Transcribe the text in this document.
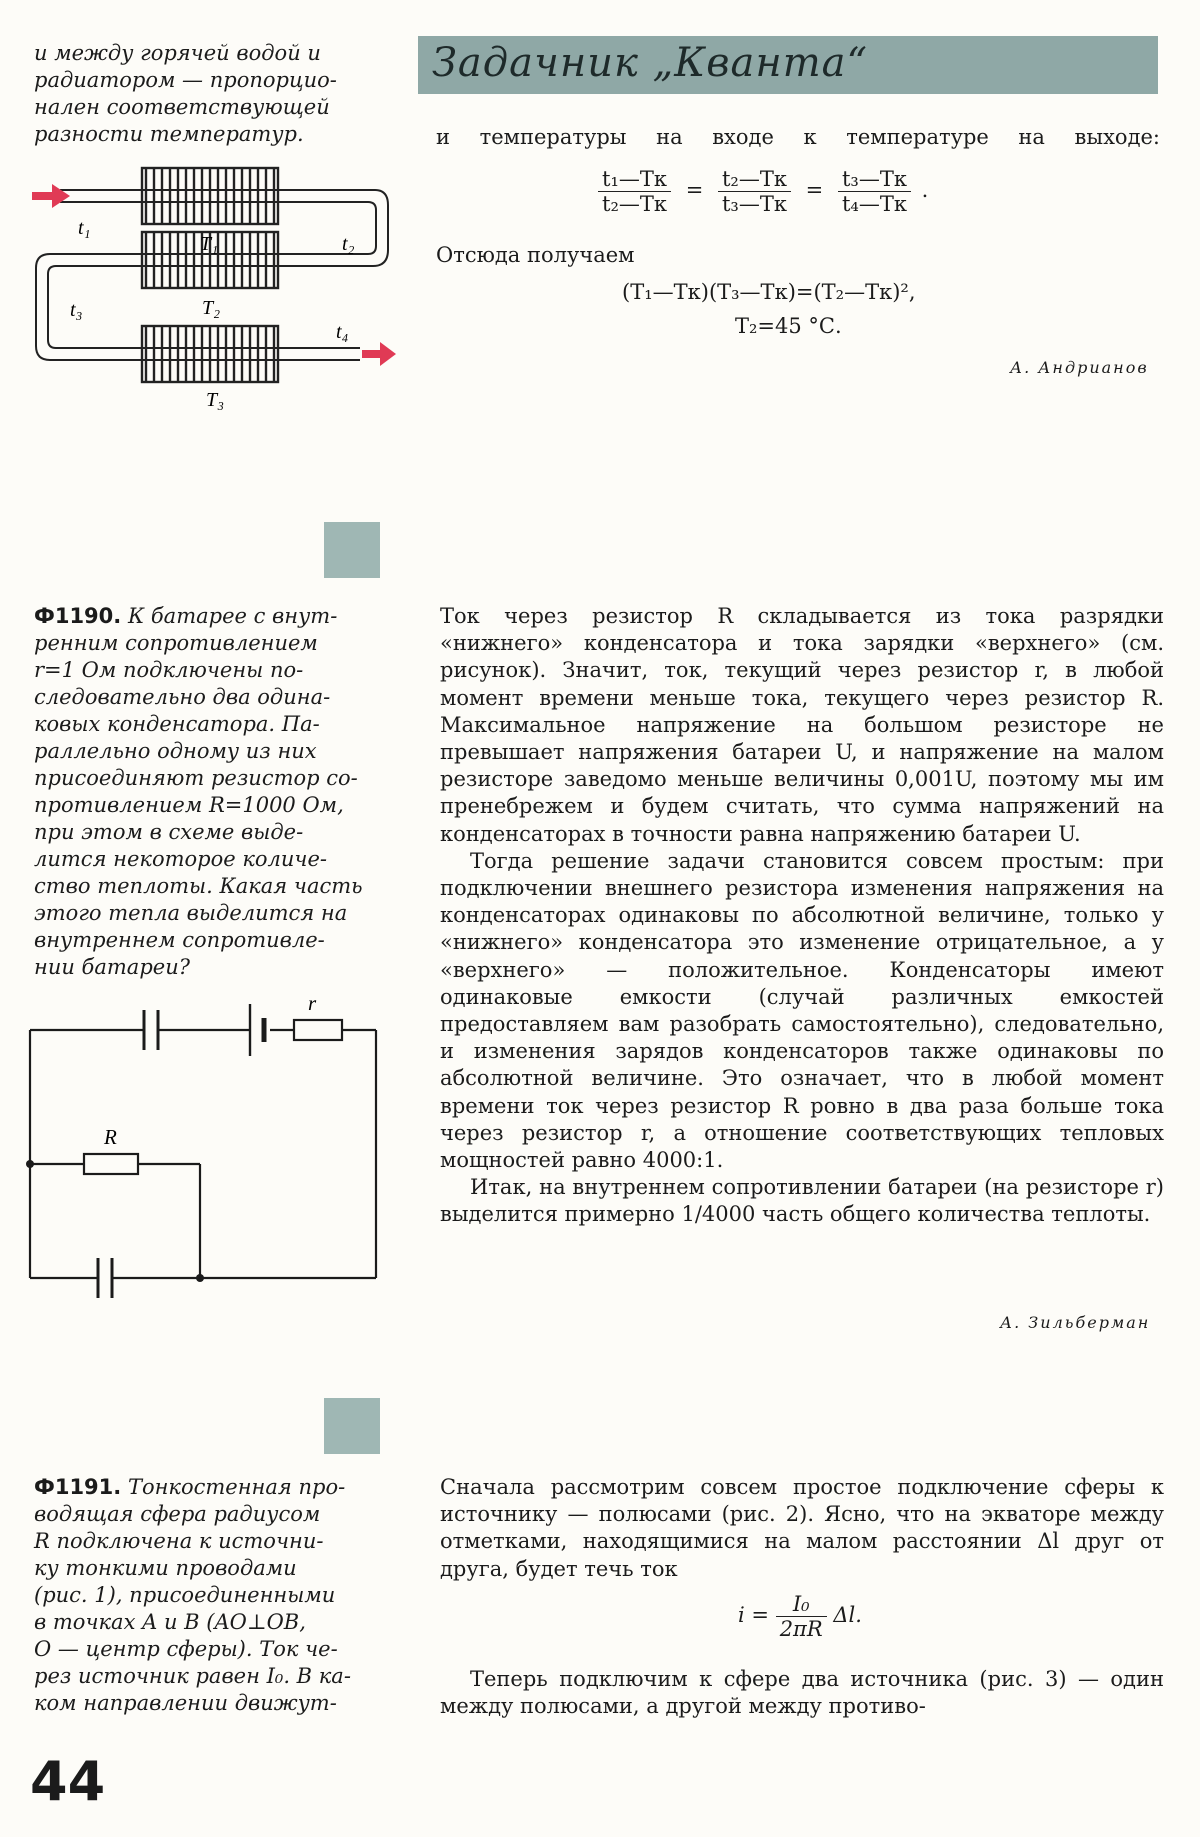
Задачник „Кванта“
и между горячей водой и
радиатором — пропорцио-
нален соответствующей
разности температур.
t₁
T₁	t₂
t₃	T₂
t₄
T₃
и температуры на входе к температуре на выходе:
$\frac{\text{t₁—Tк}}{\text{t₂—Tк}} = \frac{\text{t₂—Tк}}{\text{t₃—Tк}} = \frac{\text{t₃—Tк}}{\text{t₄—Tк}}$ .
Отсюда получаем
(T₁—Tк)(T₃—Tк)=(T₂—Tк)²,
T₂=45 °С.
А. Андрианов
Ф1190. К батарее с внут-
ренним сопротивлением
r=1 Ом подключены по-
следовательно два одина-
ковых конденсатора. Па-
раллельно одному из них
присоединяют резистор со-
противлением R=1000 Ом,
при этом в схеме выде-
лится некоторое количе-
ство теплоты. Какая часть
этого тепла выделится на
внутреннем сопротивле-
нии батареи?
r
R

Ток через резистор R складывается из тока разрядки «нижнего» конденсатора и тока зарядки «верхнего» (см. рисунок). Значит, ток, текущий через резистор r, в любой момент времени меньше тока, текущего через резистор R. Максимальное напряжение на большом резисторе не превышает напряжения батареи U, и напряжение на малом резисторе заведомо меньше величины 0,001U, поэтому мы им пренебрежем и будем считать, что сумма напряжений на конденсаторах в точности равна напряжению батареи U.

Тогда решение задачи становится совсем простым: при подключении внешнего резистора изменения напряжения на конденсаторах одинаковы по абсолютной величине, только у «нижнего» конденсатора это изменение отрицательное, а у «верхнего» — положительное. Конденсаторы имеют одинаковые емкости (случай различных емкостей предоставляем вам разобрать самостоятельно), следовательно, и изменения зарядов конденсаторов также одинаковы по абсолютной величине. Это означает, что в любой момент времени ток через резистор R ровно в два раза больше тока через резистор r, а отношение соответствующих тепловых мощностей равно 4000:1.

Итак, на внутреннем сопротивлении батареи (на резисторе r) выделится примерно 1/4000 часть общего количества теплоты.

А. Зильберман
Ф1191. Тонкостенная про-
водящая сфера радиусом
R подключена к источни-
ку тонкими проводами
(рис. 1), присоединенными
в точках A и B (AO⊥OB,
O — центр сферы). Ток че-
рез источник равен I₀. В ка-
ком направлении движут-
Сначала рассмотрим совсем простое подключение сферы к источнику — полюсами (рис. 2). Ясно, что на экваторе между отметками, находящимися на малом расстоянии Δl друг от друга, будет течь ток
$i = \frac{\text{I₀}}{2\pi R} \Delta l$.
Теперь подключим к сфере два источника (рис. 3) — один между полюсами, а другой между противо-
44
